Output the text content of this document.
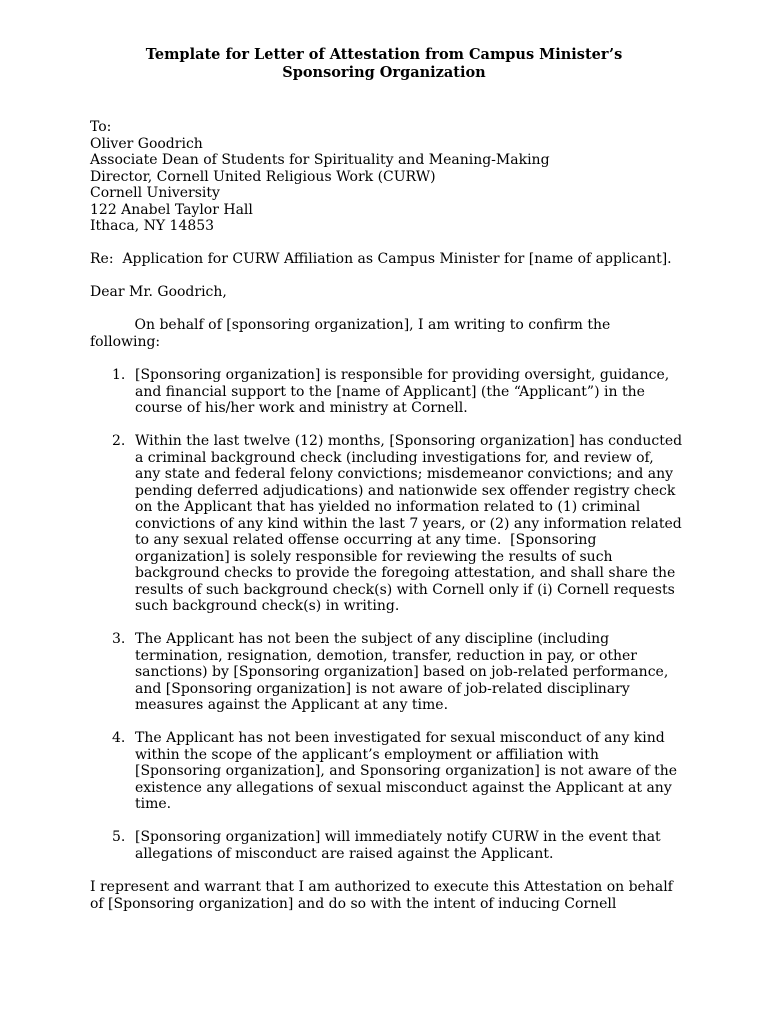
Template for Letter of Attestation from Campus Minister’s
Sponsoring Organization
To:
Oliver Goodrich
Associate Dean of Students for Spirituality and Meaning-Making
Director, Cornell United Religious Work (CURW)
Cornell University
122 Anabel Taylor Hall
Ithaca, NY 14853
Re:  Application for CURW Affiliation as Campus Minister for [name of applicant].
Dear Mr. Goodrich,
On behalf of [sponsoring organization], I am writing to confirm the
following:
1. [Sponsoring organization] is responsible for providing oversight, guidance,
and financial support to the [name of Applicant] (the “Applicant”) in the
course of his/her work and ministry at Cornell.
2. Within the last twelve (12) months, [Sponsoring organization] has conducted
a criminal background check (including investigations for, and review of,
any state and federal felony convictions; misdemeanor convictions; and any
pending deferred adjudications) and nationwide sex offender registry check
on the Applicant that has yielded no information related to (1) criminal
convictions of any kind within the last 7 years, or (2) any information related
to any sexual related offense occurring at any time.  [Sponsoring
organization] is solely responsible for reviewing the results of such
background checks to provide the foregoing attestation, and shall share the
results of such background check(s) with Cornell only if (i) Cornell requests
such background check(s) in writing.
3. The Applicant has not been the subject of any discipline (including
termination, resignation, demotion, transfer, reduction in pay, or other
sanctions) by [Sponsoring organization] based on job-related performance,
and [Sponsoring organization] is not aware of job-related disciplinary
measures against the Applicant at any time.
4. The Applicant has not been investigated for sexual misconduct of any kind
within the scope of the applicant’s employment or affiliation with
[Sponsoring organization], and Sponsoring organization] is not aware of the
existence any allegations of sexual misconduct against the Applicant at any
time.
5. [Sponsoring organization] will immediately notify CURW in the event that
allegations of misconduct are raised against the Applicant.
I represent and warrant that I am authorized to execute this Attestation on behalf
of [Sponsoring organization] and do so with the intent of inducing Cornell
